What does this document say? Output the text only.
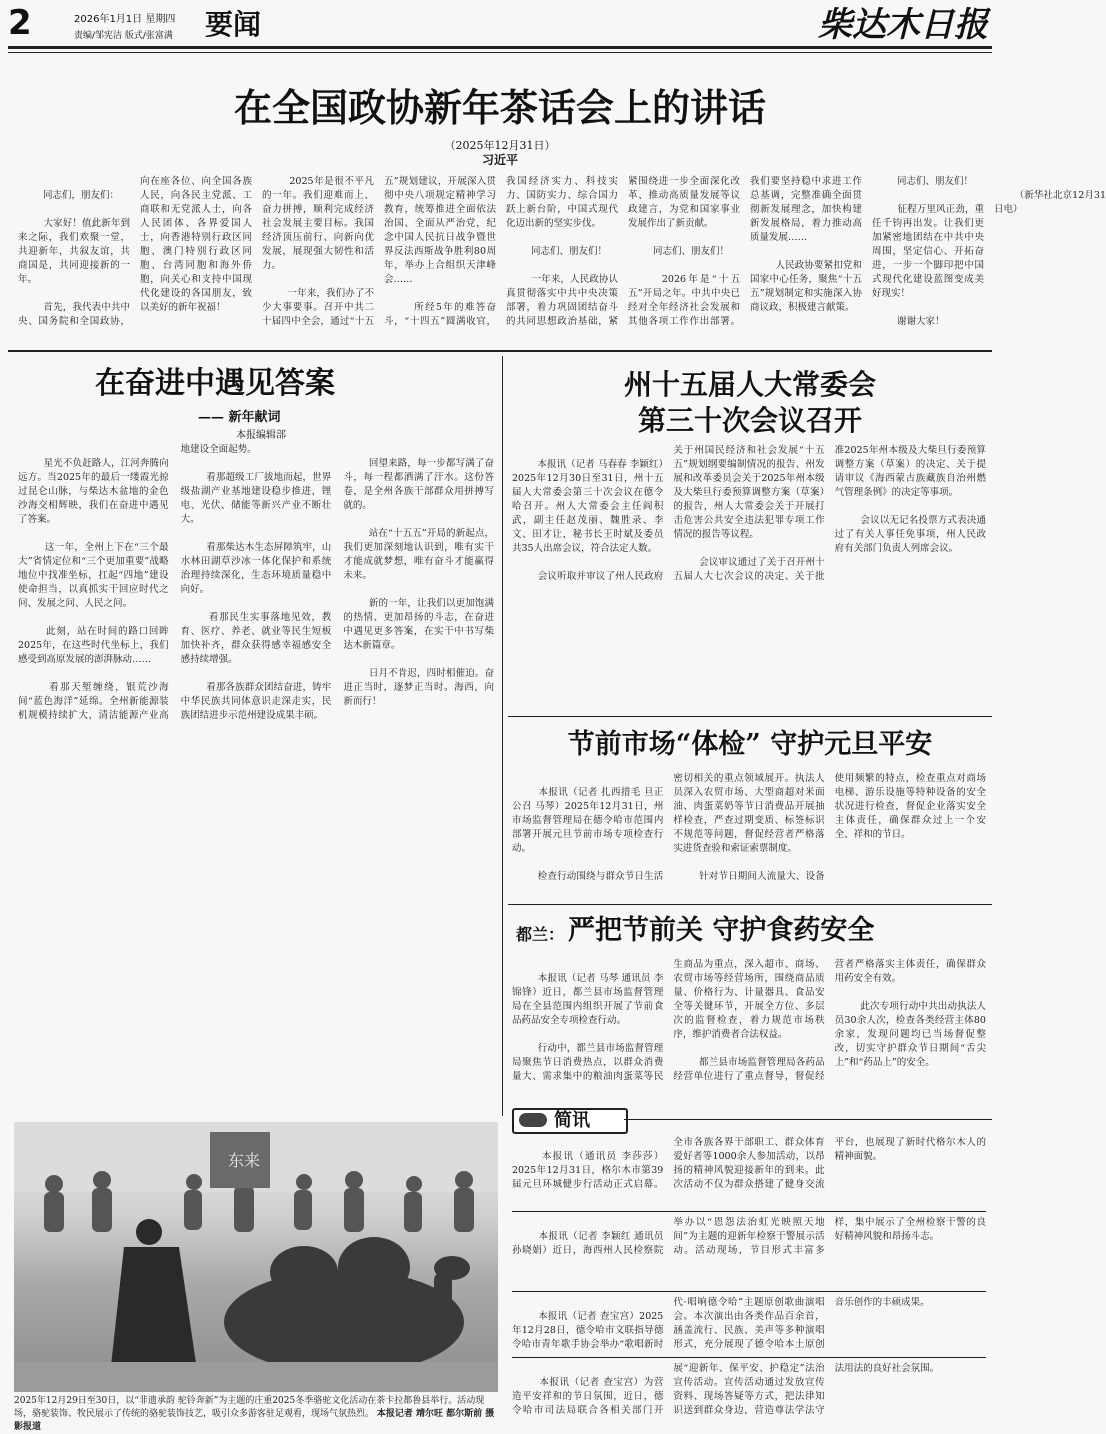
2	2026年1月1日 星期四
责编/邹宪洁 版式/张富满 要闻	柴达木日报
在全国政协新年茶话会上的讲话
（2025年12月31日）
习近平

　　同志们，朋友们：

　　大家好！值此新年到来之际，我们欢聚一堂，共迎新年，共叙友谊，共商国是，共同迎接新的一年。

　　首先，我代表中共中央、国务院和全国政协，向在座各位、向全国各族人民，向各民主党派、工商联和无党派人士，向各人民团体、各界爱国人士，向香港特别行政区同胞、澳门特别行政区同胞、台湾同胞和海外侨胞，向关心和支持中国现代化建设的各国朋友，致以美好的新年祝福！

　　2025年是很不平凡的一年。我们迎难而上、奋力拼搏，顺利完成经济社会发展主要目标。我国经济顶压前行、向新向优发展，展现强大韧性和活力。

　　一年来，我们办了不少大事要事。召开中共二十届四中全会，通过“十五五”规划建议，开展深入贯彻中央八项规定精神学习教育，统筹推进全面依法治国、全面从严治党，纪念中国人民抗日战争暨世界反法西斯战争胜利80周年，举办上合组织天津峰会……

　　所经5年的难答奋斗，“十四五”圆满收官，我国经济实力、科技实力、国防实力、综合国力跃上新台阶，中国式现代化迈出新的坚实步伐。

　　同志们、朋友们！

　　一年来，人民政协认真贯彻落实中共中央决策部署，着力巩固团结奋斗的共同思想政治基础，紧紧围绕进一步全面深化改革、推动高质量发展等议政建言，为党和国家事业发展作出了新贡献。

　　同志们、朋友们！

　　2026年是“十五五”开局之年。中共中央已经对全年经济社会发展和其他各项工作作出部署。我们要坚持稳中求进工作总基调，完整准确全面贯彻新发展理念，加快构建新发展格局，着力推动高质量发展……

　　人民政协要紧扣党和国家中心任务，聚焦“十五五”规划制定和实施深入协商议政，积极建言献策。

　　同志们、朋友们！

　　征程万里风正劲，重任千钧再出发。让我们更加紧密地团结在中共中央周围，坚定信心、开拓奋进，一步一个脚印把中国式现代化建设蓝图变成美好现实！

　　谢谢大家！

　　（新华社北京12月31日电）

在奋进中遇见答案
—— 新年献词
本报编辑部

　　星光不负赶路人，江河奔腾向远方。当2025年的最后一缕霞光掠过昆仑山脉，与柴达木盆地的金色沙海交相辉映，我们在奋进中遇见了答案。

　　这一年，全州上下在“三个最大”省情定位和“三个更加重要”战略地位中找准坐标，扛起“四地”建设使命担当，以真抓实干回应时代之问、发展之问、人民之问。

　　此刻，站在时间的路口回眸2025年，在这些时代坐标上，我们感受到高原发展的澎湃脉动……

　　看那天堑缠绕，银荒沙海间“蓝色海洋”延绵。全州新能源装机规模持续扩大，清洁能源产业高地建设全面起势。

　　看那超级工厂拔地而起，世界级盐湖产业基地建设稳步推进，锂电、光伏、储能等新兴产业不断壮大。

　　看那柴达木生态屏障筑牢，山水林田湖草沙冰一体化保护和系统治理持续深化，生态环境质量稳中向好。

　　看那民生实事落地见效，教育、医疗、养老、就业等民生短板加快补齐，群众获得感幸福感安全感持续增强。

　　看那各族群众团结奋进，铸牢中华民族共同体意识走深走实，民族团结进步示范州建设成果丰硕。

　　回望来路，每一步都写满了奋斗，每一程都洒满了汗水。这份答卷，是全州各族干部群众用拼搏写就的。

　　站在“十五五”开局的新起点，我们更加深刻地认识到，唯有实干才能成就梦想，唯有奋斗才能赢得未来。

　　新的一年，让我们以更加饱满的热情、更加昂扬的斗志，在奋进中遇见更多答案，在实干中书写柴达木新篇章。

　　日月不肯迟，四时相催迫。奋进正当时，逐梦正当时。海西，向新而行！

州十五届人大常委会
第三十次会议召开

　　本报讯（记者 马春春 李颖红）2025年12月30日至31日，州十五届人大常委会第三十次会议在德令哈召开。州人大常委会主任阎积武，副主任赵茂丽、魏胜录、李文、田才让，秘书长王时斌及委员共35人出席会议，符合法定人数。

　　会议听取并审议了州人民政府关于州国民经济和社会发展“十五五”规划纲要编制情况的报告、州发展和改革委员会关于2025年州本级及大柴旦行委预算调整方案（草案）的报告，州人大常委会关于开展打击危害公共安全违法犯罪专项工作情况的报告等议程。

　　会议审议通过了关于召开州十五届人大七次会议的决定、关于批准2025年州本级及大柴旦行委预算调整方案（草案）的决定、关于提请审议《海西蒙古族藏族自治州燃气管理条例》的决定等事项。

　　会议以无记名投票方式表决通过了有关人事任免事项，州人民政府有关部门负责人列席会议。

节前市场“体检” 守护元旦平安

　　本报讯（记者 扎西措毛 旦正公召 马琴）2025年12月31日，州市场监督管理局在德令哈市范围内部署开展元旦节前市场专项检查行动。

　　检查行动围绕与群众节日生活密切相关的重点领域展开。执法人员深入农贸市场、大型商超对米面油、肉蛋菜奶等节日消费品开展抽样检查，严查过期变质、标签标识不规范等问题，督促经营者严格落实进货查验和索证索票制度。

　　针对节日期间人流量大、设备使用频繁的特点，检查重点对商场电梯、游乐设施等特种设备的安全状况进行检查，督促企业落实安全主体责任，确保群众过上一个安全、祥和的节日。

都兰： 严把节前关 守护食药安全

　　本报讯（记者 马琴 通讯员 李锦锋）近日，都兰县市场监督管理局在全县范围内组织开展了节前食品药品安全专项检查行动。

　　行动中，都兰县市场监督管理局聚焦节日消费热点，以群众消费量大、需求集中的粮油肉蛋菜等民生商品为重点，深入超市、商场、农贸市场等经营场所，围绕商品质量、价格行为、计量器具、食品安全等关键环节，开展全方位、多层次的监督检查，着力规范市场秩序，维护消费者合法权益。

　　都兰县市场监督管理局各药品经营单位进行了重点督导，督促经营者严格落实主体责任，确保群众用药安全有效。

　　此次专项行动中共出动执法人员30余人次，检查各类经营主体80余家，发现问题均已当场督促整改，切实守护群众节日期间“舌尖上”和“药品上”的安全。

简讯

　　本报讯（通讯员 李莎莎）2025年12月31日，格尔木市第39届元旦环城健步行活动正式启幕。全市各族各界干部职工、群众体育爱好者等1000余人参加活动，以昂扬的精神风貌迎接新年的到来。此次活动不仅为群众搭建了健身交流平台，也展现了新时代格尔木人的精神面貌。

　　本报讯（记者 李颖红 通讯员 孙晓娟）近日，海西州人民检察院举办以“恩怨法治虹光映照天地间”为主题的迎新年检察干警展示活动。活动现场，节目形式丰富多样，集中展示了全州检察干警的良好精神风貌和昂扬斗志。

　　本报讯（记者 查宝宫）2025年12月28日，德令哈市文联指导德令哈市青年歌手协会举办“歌唱新时代·唱响德令哈”主题原创歌曲演唱会。本次演出由各类作品百余首，涵盖流行、民族、美声等多种演唱形式，充分展现了德令哈本土原创音乐创作的丰硕成果。

　　本报讯（记者 查宝宫）为营造平安祥和的节日氛围，近日，德令哈市司法局联合各相关部门开展“迎新年、保平安、护稳定”法治宣传活动。宣传活动通过发放宣传资料、现场答疑等方式，把法律知识送到群众身边，营造尊法学法守法用法的良好社会氛围。

东来
2025年12月29日至30日，以“非遗承韵 驼铃奔新”为主题的庄重2025冬季骆驼文化活动在茶卡拉都鲁县举行。活动现场，骆驼装饰、牧民展示了传统的骆驼装饰技艺，吸引众多游客驻足观看，现场气氛热烈。 本报记者 靖尔旺 都尔斯前 摄影报道
